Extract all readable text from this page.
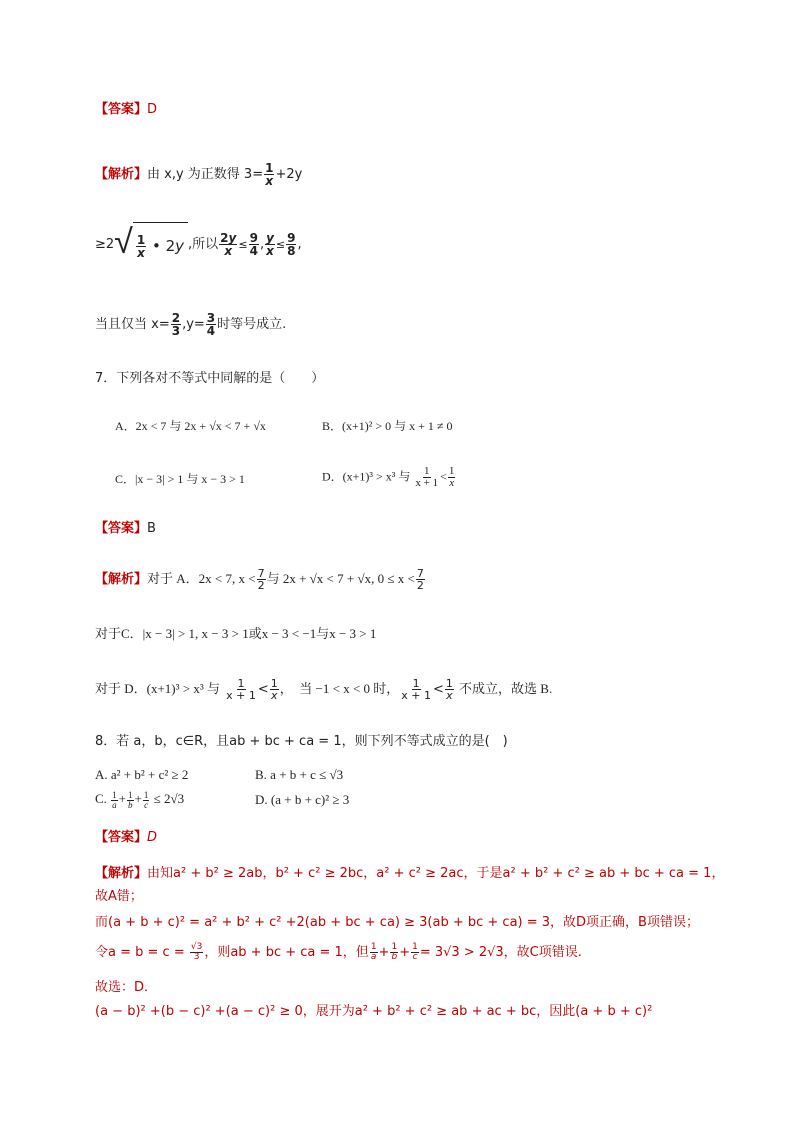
【答案】D
【解析】由 x,y 为正数得 $3= \frac{1}{x} +2y$
≥2 √ $\frac{1}{x}$ • 2y ,所以 $\frac{2y}{x} \le \frac{9}{4}$ , $\frac{y}{x} \le \frac{9}{8}$ ,
当且仅当 $x= \frac{2}{3} ,y= \frac{3}{4}$ 时等号成立.
7．下列各对不等式中同解的是（　　）
A．2x < 7 与 2x + √x < 7 + √x	B．(x+1)² > 0 与 x + 1 ≠ 0
C．|x − 3| > 1 与 x − 3 > 1	D．(x+1)³ > x³ 与 $\frac{1}{x + 1} < \frac{1}{x}$
【答案】B
【解析】对于 A．2x < 7, $x < \frac{7}{2}$ 与 2x + √x < 7 + √x, $0 \le x < \frac{7}{2}$
对于C．|x − 3| > 1, x − 3 > 1或x − 3 < −1与x − 3 > 1
对于 D．(x+1)³ > x³ 与 $\frac{1}{x + 1} < \frac{1}{x}$ ，　当 −1 < x < 0 时， $\frac{1}{x + 1} < \frac{1}{x}$ 不成立，故选 B.
8．若 a，b，c∈R，且ab + bc + ca = 1，则下列不等式成立的是(　)
A. a² + b² + c² ≥ 2	B. a + b + c ≤ √3
C. $\frac{1}{a} + \frac{1}{b} + \frac{1}{c} \le 2√3$	D. (a + b + c)² ≥ 3
【答案】D
【解析】由知a² + b² ≥ 2ab，b² + c² ≥ 2bc，a² + c² ≥ 2ac，于是a² + b² + c² ≥ ab + bc + ca = 1，
故A错；
而(a + b + c)² = a² + b² + c² +2(ab + bc + ca) ≥ 3(ab + bc + ca) = 3，故D项正确，B项错误；
令$a = b = c = \frac{√3}{3}$ ，则ab + bc + ca = 1，但 $\frac{1}{a} + \frac{1}{b} + \frac{1}{c} = 3√3 > 2√3$，故C项错误.
故选：D．
(a − b)² +(b − c)² +(a − c)² ≥ 0，展开为a² + b² + c² ≥ ab + ac + bc，因此(a + b + c)²
